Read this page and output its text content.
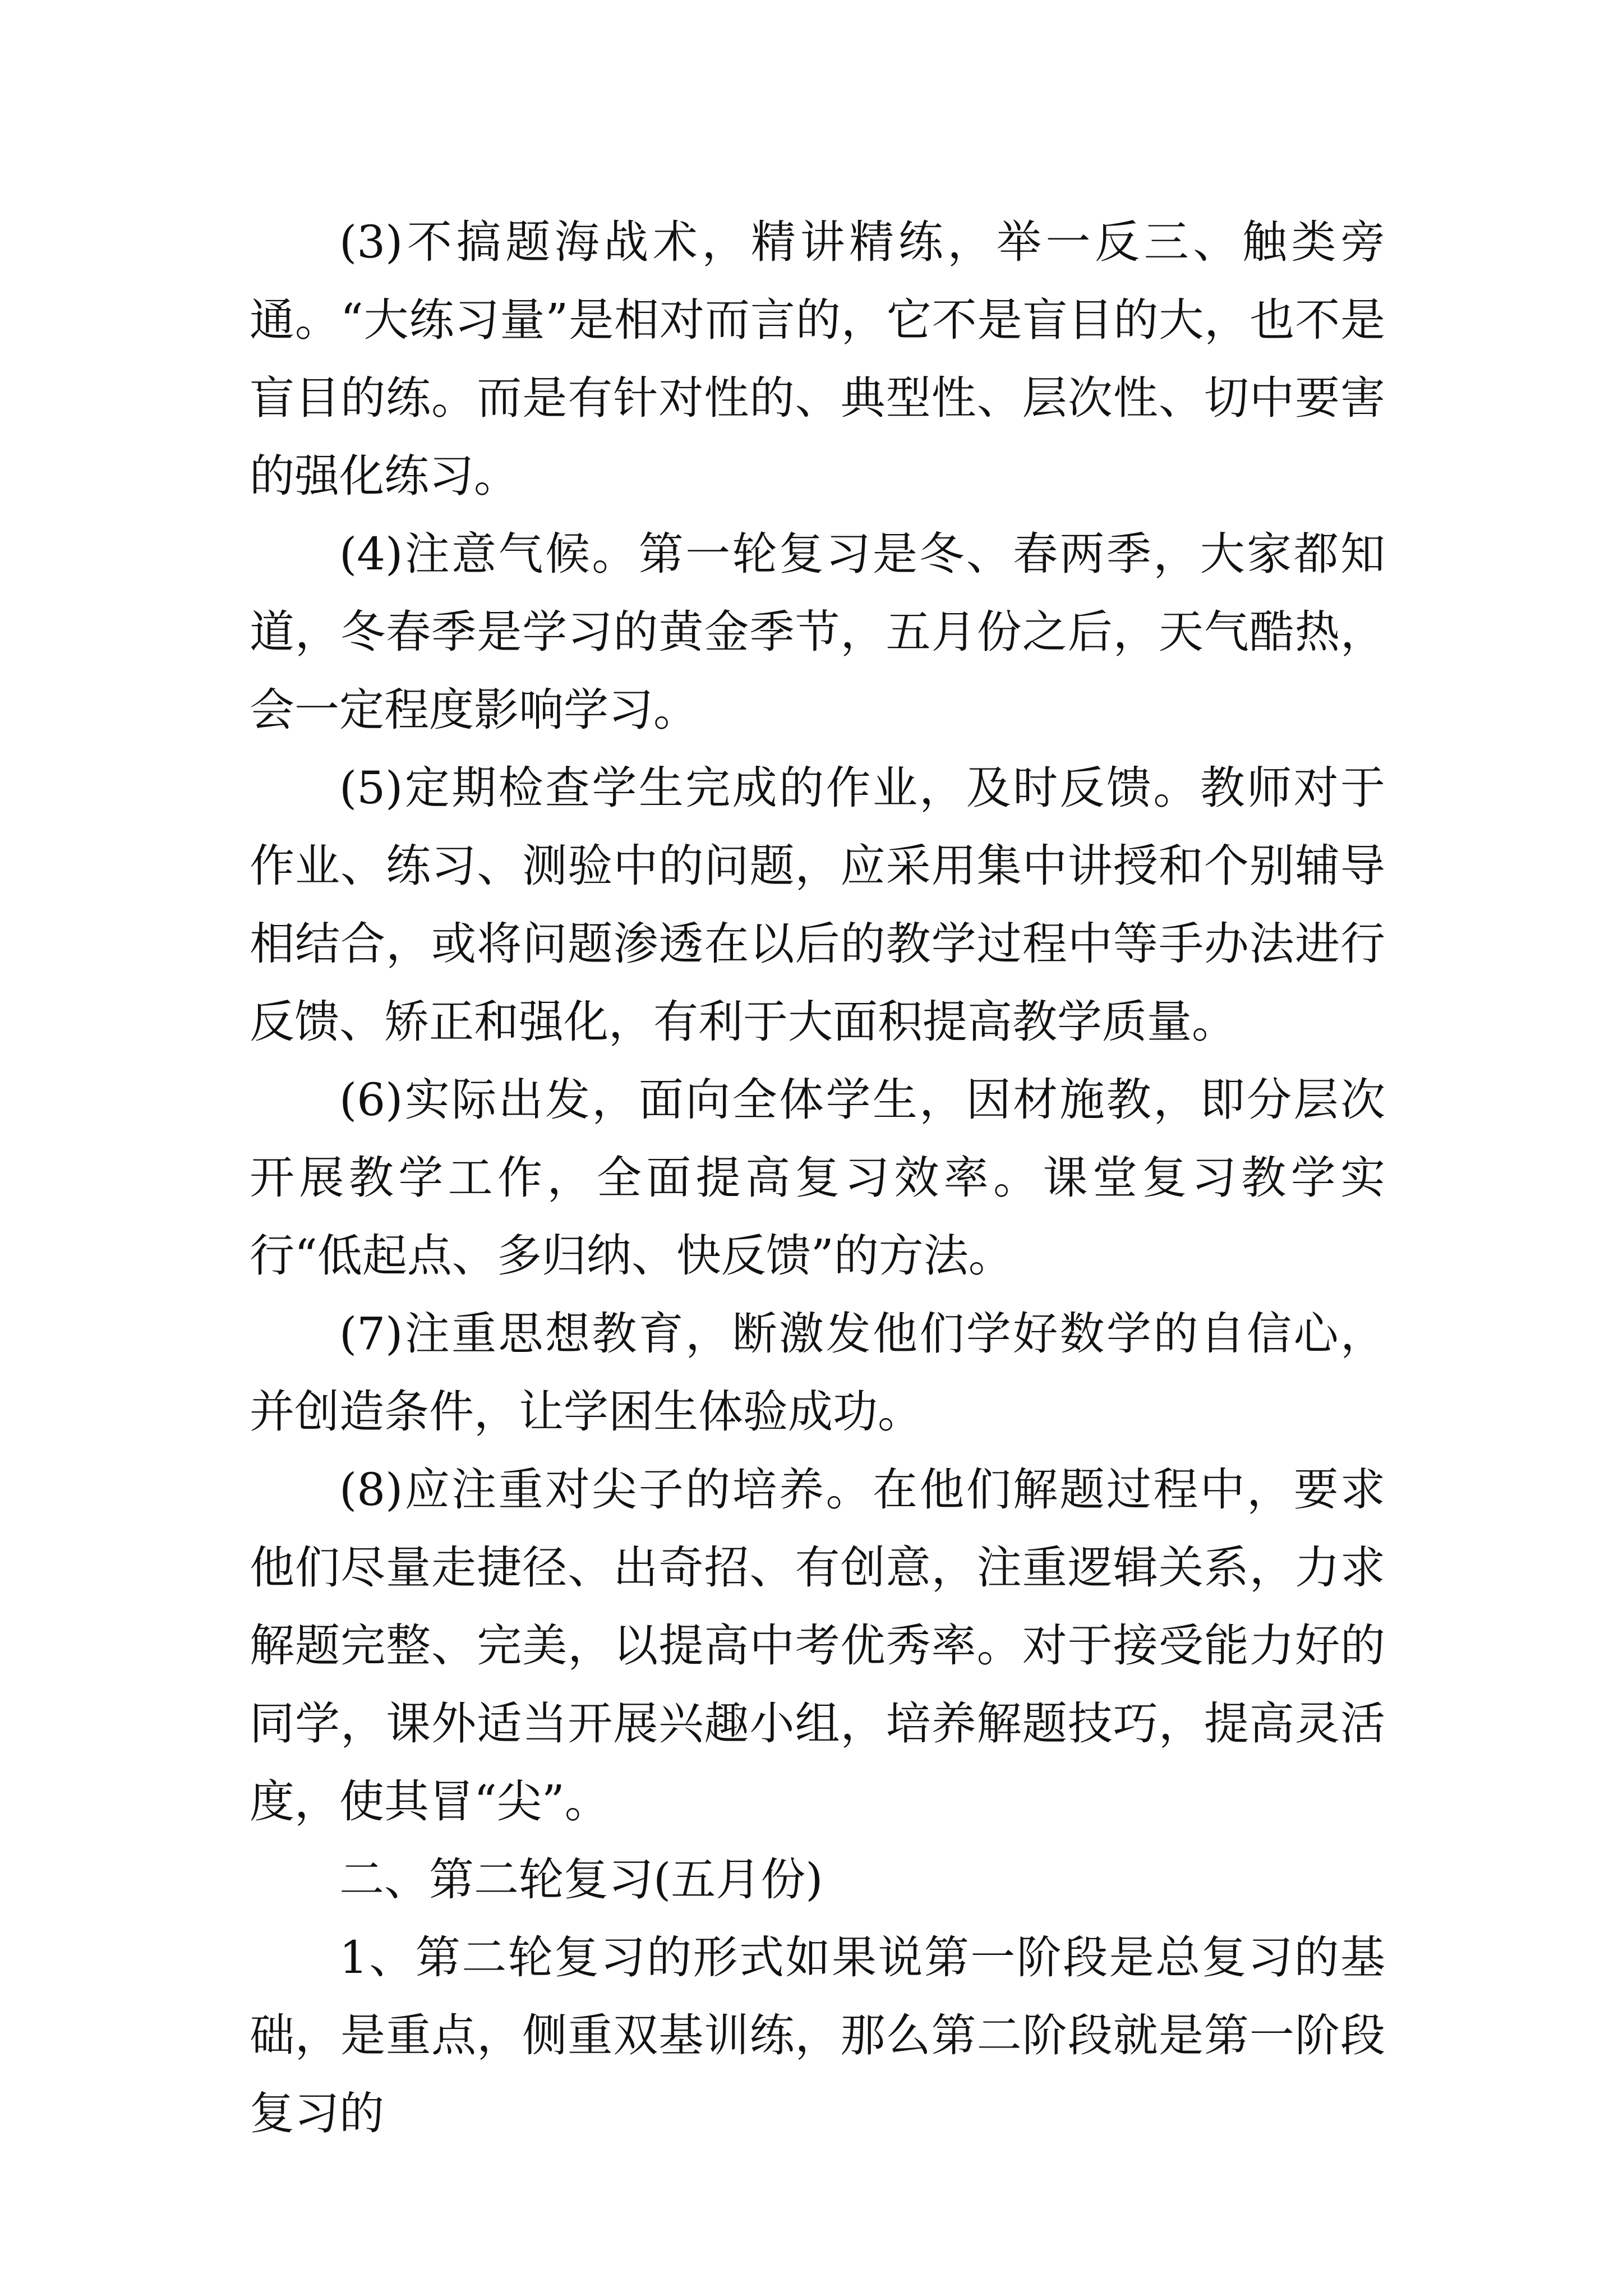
(3)不搞题海战术，精讲精练，举一反三、触类旁通。“大练习量”是相对而言的，它不是盲目的大，也不是盲目的练。而是有针对性的、典型性、层次性、切中要害的强化练习。

(4)注意气候。第一轮复习是冬、春两季，大家都知道，冬春季是学习的黄金季节，五月份之后，天气酷热，会一定程度影响学习。

(5)定期检查学生完成的作业，及时反馈。教师对于作业、练习、测验中的问题，应采用集中讲授和个别辅导相结合，或将问题渗透在以后的教学过程中等手办法进行反馈、矫正和强化，有利于大面积提高教学质量。

(6)实际出发，面向全体学生，因材施教，即分层次开展教学工作，全面提高复习效率。课堂复习教学实行“低起点、多归纳、快反馈”的方法。

(7)注重思想教育，断激发他们学好数学的自信心，并创造条件，让学困生体验成功。

(8)应注重对尖子的培养。在他们解题过程中，要求他们尽量走捷径、出奇招、有创意，注重逻辑关系，力求解题完整、完美，以提高中考优秀率。对于接受能力好的同学，课外适当开展兴趣小组，培养解题技巧，提高灵活度，使其冒“尖”。

二、第二轮复习(五月份)

1、第二轮复习的形式如果说第一阶段是总复习的基础，是重点，侧重双基训练，那么第二阶段就是第一阶段复习的
